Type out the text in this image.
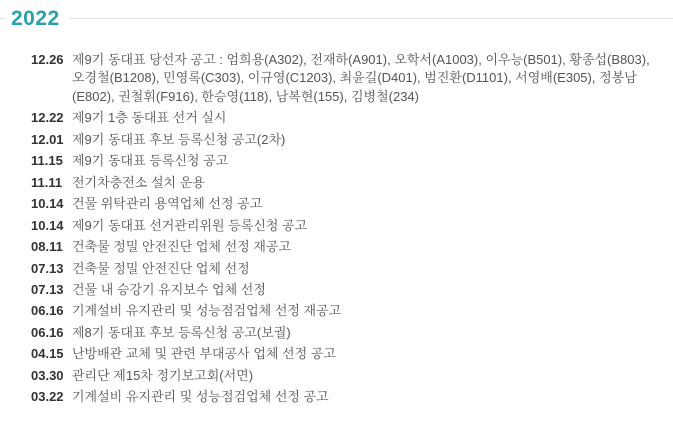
2022
12.26 제9기 동대표 당선자 공고 : 엄희용(A302), 전재하(A901), 오학서(A1003), 이우능(B501), 황종섭(B803), 오경철(B1208), 민영록(C303), 이규영(C1203), 최윤길(D401), 범진환(D1101), 서영배(E305), 정봉남(E802), 권철휘(F916), 한승영(118), 남복현(155), 김병철(234)
12.22 제9기 1층 동대표 선거 실시
12.01 제9기 동대표 후보 등록신청 공고(2차)
11.15 제9기 동대표 등록신청 공고
11.11 전기차충전소 설치 운용
10.14 건물 위탁관리 용역업체 선정 공고
10.14 제9기 동대표 선거관리위원 등록신청 공고
08.11 건축물 정밀 안전진단 업체 선정 재공고
07.13 건축물 정밀 안전진단 업체 선정
07.13 건물 내 승강기 유지보수 업체 선정
06.16 기계설비 유지관리 및 성능점검업체 선정 재공고
06.16 제8기 동대표 후보 등록신청 공고(보궐)
04.15 난방배관 교체 및 관련 부대공사 업체 선정 공고
03.30 관리단 제15차 정기보고회(서면)
03.22 기계설비 유지관리 및 성능점검업체 선정 공고
